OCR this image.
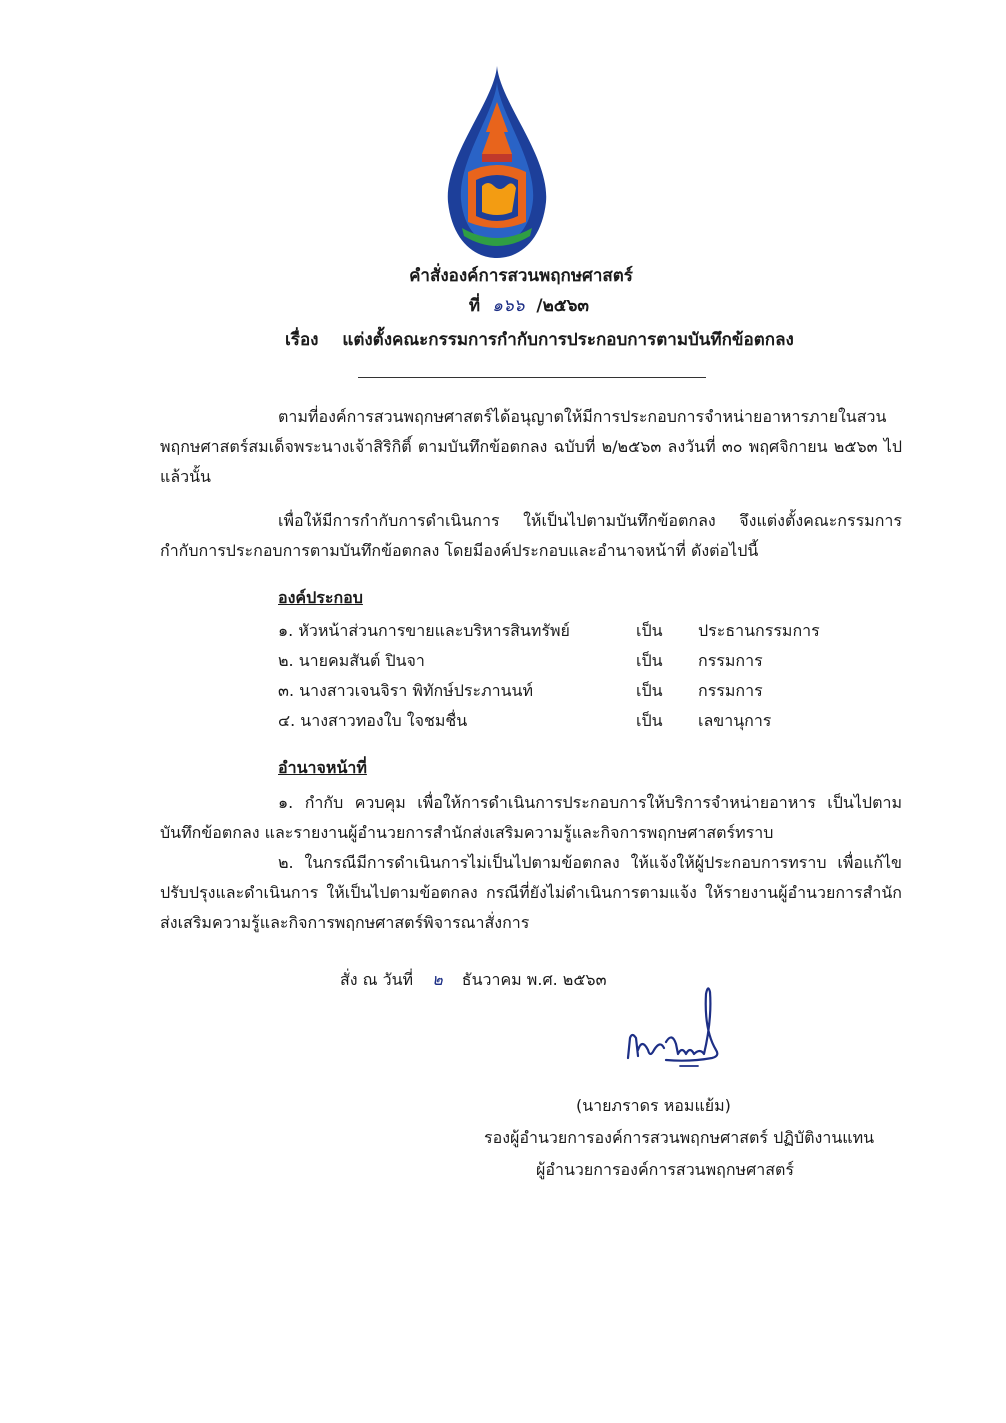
คำสั่งองค์การสวนพฤกษศาสตร์
ที่ ๑๖๖ /๒๕๖๓
เรื่อง แต่งตั้งคณะกรรมการกำกับการประกอบการตามบันทึกข้อตกลง
ตามที่องค์การสวนพฤกษศาสตร์ได้อนุญาตให้มีการประกอบการจำหน่ายอาหารภายในสวนพฤกษศาสตร์สมเด็จพระนางเจ้าสิริกิติ์ ตามบันทึกข้อตกลง ฉบับที่ ๒/๒๕๖๓ ลงวันที่ ๓๐ พฤศจิกายน ๒๕๖๓ ไปแล้วนั้น
เพื่อให้มีการกำกับการดำเนินการ ให้เป็นไปตามบันทึกข้อตกลง จึงแต่งตั้งคณะกรรมการกำกับการประกอบการตามบันทึกข้อตกลง โดยมีองค์ประกอบและอำนาจหน้าที่ ดังต่อไปนี้
องค์ประกอบ
๑. หัวหน้าส่วนการขายและบริหารสินทรัพย์	เป็น ประธานกรรมการ
๒. นายคมสันต์ ปินจา	เป็น กรรมการ
๓. นางสาวเจนจิรา พิทักษ์ประภานนท์	เป็น กรรมการ
๔. นางสาวทองใบ ใจชมชื่น	เป็น เลขานุการ
อำนาจหน้าที่
๑. กำกับ ควบคุม เพื่อให้การดำเนินการประกอบการให้บริการจำหน่ายอาหาร เป็นไปตามบันทึกข้อตกลง และรายงานผู้อำนวยการสำนักส่งเสริมความรู้และกิจการพฤกษศาสตร์ทราบ
๒. ในกรณีมีการดำเนินการไม่เป็นไปตามข้อตกลง ให้แจ้งให้ผู้ประกอบการทราบ เพื่อแก้ไขปรับปรุงและดำเนินการ ให้เป็นไปตามข้อตกลง กรณีที่ยังไม่ดำเนินการตามแจ้ง ให้รายงานผู้อำนวยการสำนักส่งเสริมความรู้และกิจการพฤกษศาสตร์พิจารณาสั่งการ
สั่ง ณ วันที่ ๒ ธันวาคม พ.ศ. ๒๕๖๓
(นายภราดร หอมแย้ม)
รองผู้อำนวยการองค์การสวนพฤกษศาสตร์ ปฏิบัติงานแทน
ผู้อำนวยการองค์การสวนพฤกษศาสตร์
